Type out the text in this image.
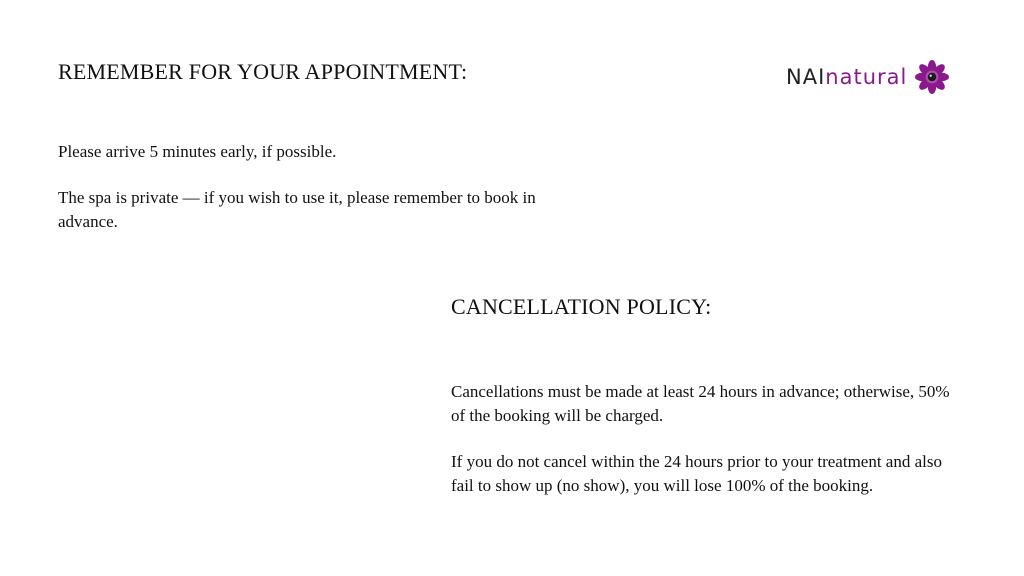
REMEMBER FOR YOUR APPOINTMENT:

Please arrive 5 minutes early, if possible.

The spa is private — if you wish to use it, please remember to book in advance.

CANCELLATION POLICY:

Cancellations must be made at least 24 hours in advance; otherwise, 50% of the booking will be charged.

If you do not cancel within the 24 hours prior to your treatment and also fail to show up (no show), you will lose 100% of the booking.

NAI natural
